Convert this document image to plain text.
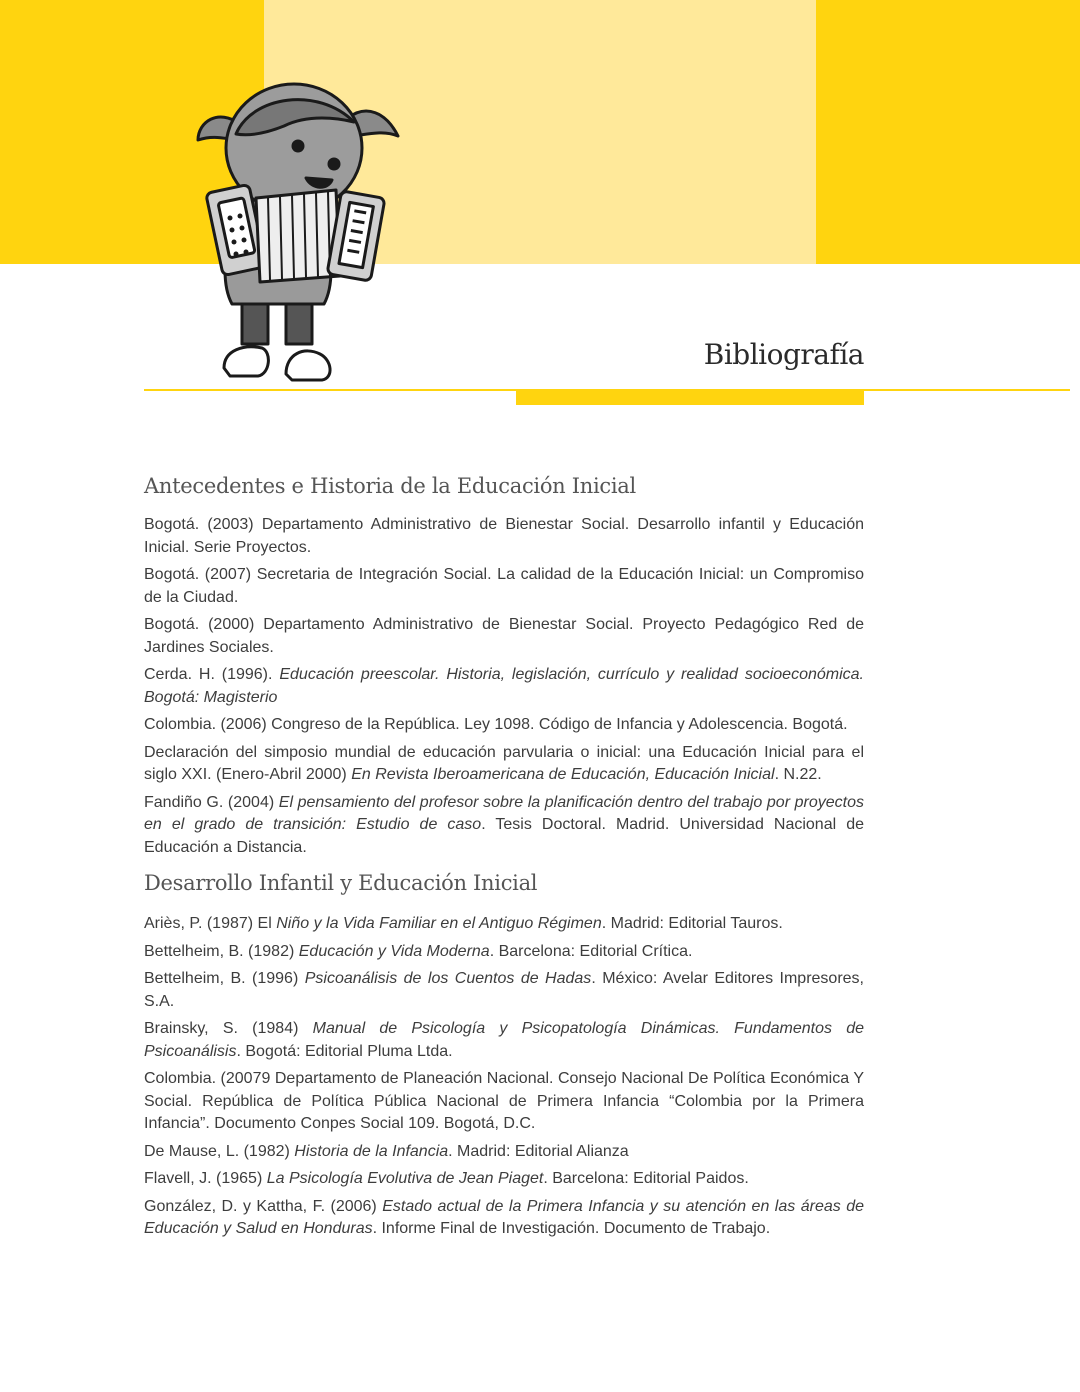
Bibliografía
Antecedentes e Historia de la Educación Inicial

Bogotá. (2003) Departamento Administrativo de Bienestar Social. Desarrollo infantil y Educación Inicial. Serie Proyectos.

Bogotá. (2007) Secretaria de Integración Social. La calidad de la Educación Inicial: un Compromiso de la Ciudad.

Bogotá. (2000) Departamento Administrativo de Bienestar Social. Proyecto Pedagógico Red de Jardines Sociales.

Cerda. H. (1996). Educación preescolar. Historia, legislación, currículo y realidad socioeconómica. Bogotá: Magisterio

Colombia. (2006) Congreso de la República. Ley 1098. Código de Infancia y Adolescencia. Bogotá.

Declaración del simposio mundial de educación parvularia o inicial: una Educación Inicial para el siglo XXI. (Enero-Abril 2000) En Revista Iberoamericana de Educación, Educación Inicial. N.22.

Fandiño G. (2004) El pensamiento del profesor sobre la planificación dentro del trabajo por proyectos en el grado de transición: Estudio de caso. Tesis Doctoral. Madrid. Universidad Nacional de Educación a Distancia.

Desarrollo Infantil y Educación Inicial

Ariès, P. (1987) El Niño y la Vida Familiar en el Antiguo Régimen. Madrid: Editorial Tauros.

Bettelheim, B. (1982) Educación y Vida Moderna. Barcelona: Editorial Crítica.

Bettelheim, B. (1996) Psicoanálisis de los Cuentos de Hadas. México: Avelar Editores Impresores, S.A.

Brainsky, S. (1984) Manual de Psicología y Psicopatología Dinámicas. Fundamentos de Psicoanálisis. Bogotá: Editorial Pluma Ltda.

Colombia. (20079 Departamento de Planeación Nacional. Consejo Nacional De Política Económica Y Social. República de Política Pública Nacional de Primera Infancia “Colombia por la Primera Infancia”. Documento Conpes Social 109. Bogotá, D.C.

De Mause, L. (1982) Historia de la Infancia. Madrid: Editorial Alianza

Flavell, J. (1965) La Psicología Evolutiva de Jean Piaget. Barcelona: Editorial Paidos.

González, D. y Kattha, F. (2006) Estado actual de la Primera Infancia y su atención en las áreas de Educación y Salud en Honduras. Informe Final de Investigación. Documento de Trabajo.
